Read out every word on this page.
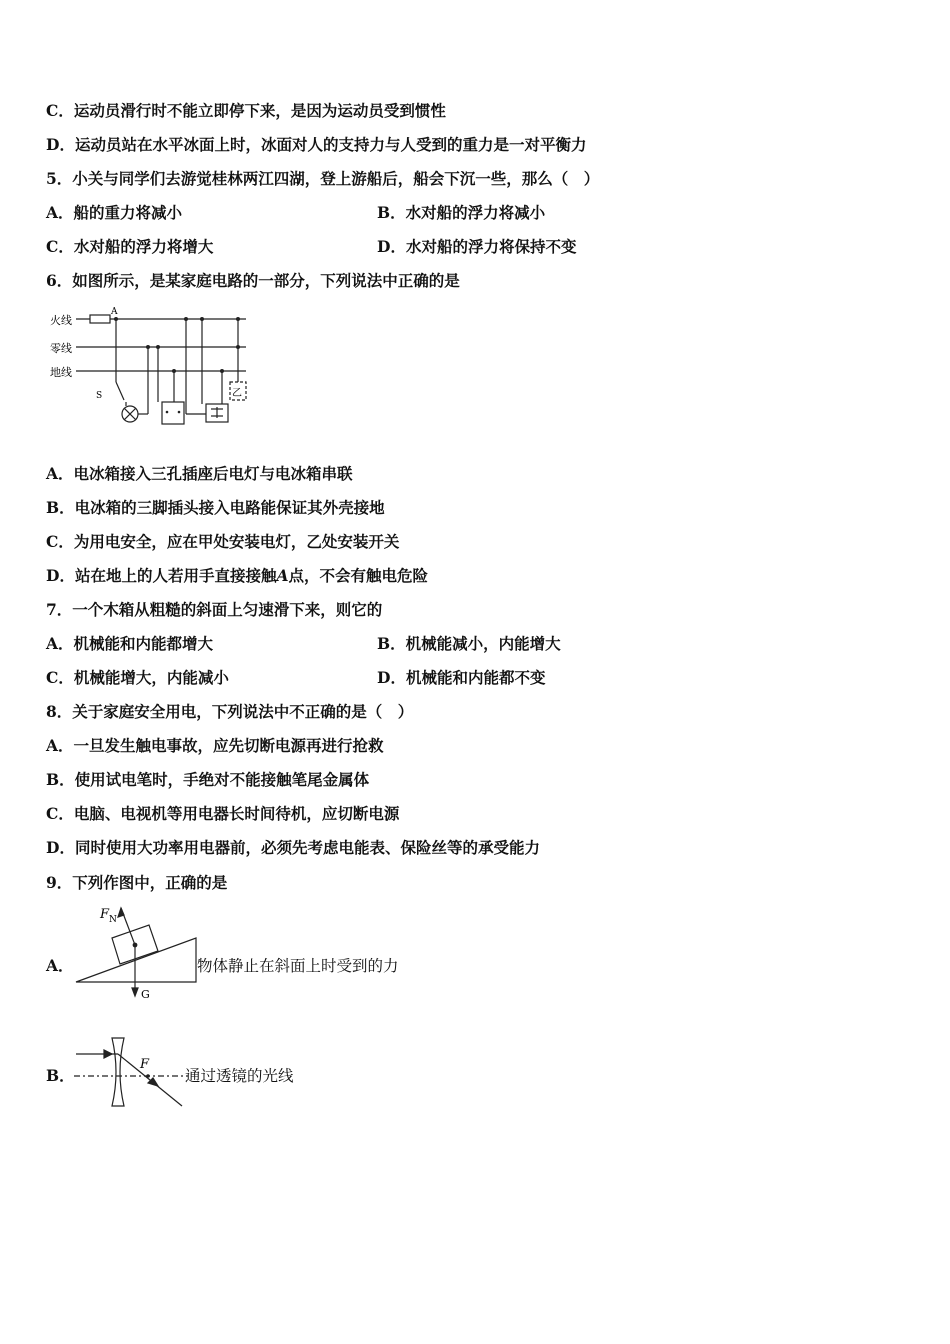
C．运动员滑行时不能立即停下来，是因为运动员受到惯性
D．运动员站在水平冰面上时，冰面对人的支持力与人受到的重力是一对平衡力
5．小关与同学们去游觉桂林两江四湖，登上游船后，船会下沉一些，那么（　）
A．船的重力将减小	B．水对船的浮力将减小
C．水对船的浮力将增大	D．水对船的浮力将保持不变
6．如图所示，是某家庭电路的一部分，下列说法中正确的是
火线
零线
地线
A
S	乙
A．电冰箱接入三孔插座后电灯与电冰箱串联
B．电冰箱的三脚插头接入电路能保证其外壳接地
C．为用电安全，应在甲处安装电灯，乙处安装开关
D．站在地上的人若用手直接接触A点，不会有触电危险
7．一个木箱从粗糙的斜面上匀速滑下来，则它的
A．机械能和内能都增大	B．机械能减小，内能增大
C．机械能增大，内能减小	D．机械能和内能都不变
8．关于家庭安全用电，下列说法中不正确的是（　）
A．一旦发生触电事故，应先切断电源再进行抢救
B．使用试电笔时，手绝对不能接触笔尾金属体
C．电脑、电视机等用电器长时间待机，应切断电源
D．同时使用大功率用电器前，必须先考虑电能表、保险丝等的承受能力
9．下列作图中，正确的是
A．
F N
G
物体静止在斜面上时受到的力
B．
F
通过透镜的光线
